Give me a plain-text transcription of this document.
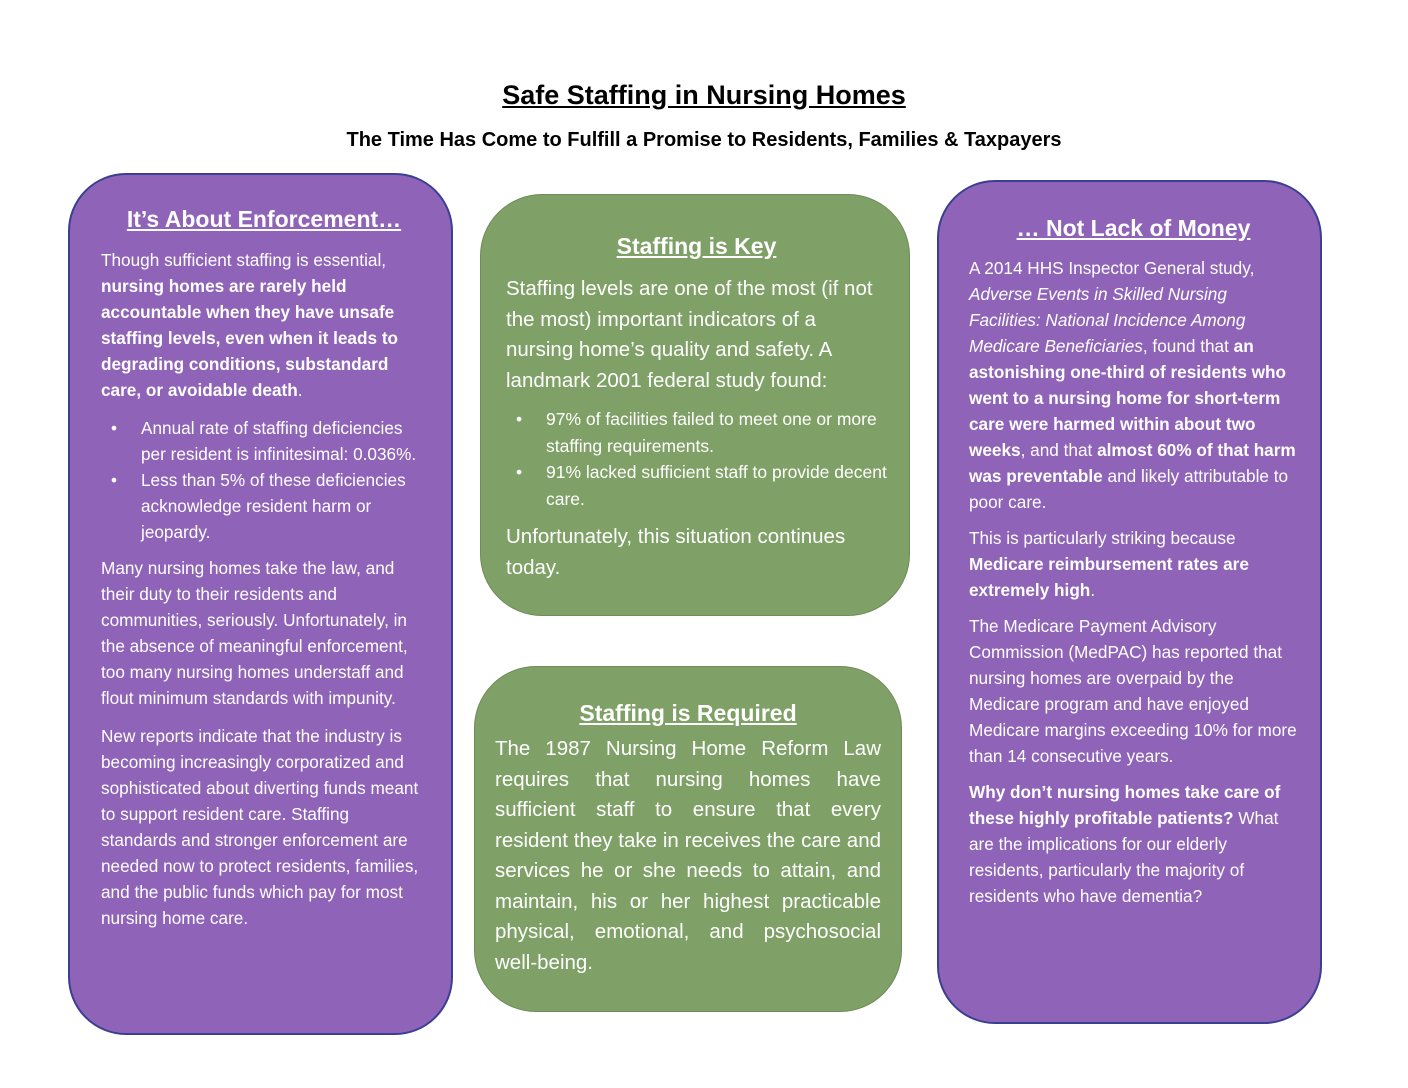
Safe Staffing in Nursing Homes
The Time Has Come to Fulfill a Promise to Residents, Families & Taxpayers
It’s About Enforcement…

Though sufficient staffing is essential, nursing homes are rarely held accountable when they have unsafe staffing levels, even when it leads to degrading conditions, substandard care, or avoidable death.

• Annual rate of staffing deficiencies per resident is infinitesimal: 0.036%.
• Less than 5% of these deficiencies acknowledge resident harm or jeopardy.

Many nursing homes take the law, and their duty to their residents and communities, seriously. Unfortunately, in the absence of meaningful enforcement, too many nursing homes understaff and flout minimum standards with impunity.

New reports indicate that the industry is becoming increasingly corporatized and sophisticated about diverting funds meant to support resident care. Staffing standards and stronger enforcement are needed now to protect residents, families, and the public funds which pay for most nursing home care.

Staffing is Key

Staffing levels are one of the most (if not the most) important indicators of a nursing home’s quality and safety. A landmark 2001 federal study found:

• 97% of facilities failed to meet one or more staffing requirements.
• 91% lacked sufficient staff to provide decent care.

Unfortunately, this situation continues today.

Staffing is Required

The 1987 Nursing Home Reform Law requires that nursing homes have sufficient staff to ensure that every resident they take in receives the care and services he or she needs to attain, and maintain, his or her highest practicable physical, emotional, and psychosocial well-being.

… Not Lack of Money

A 2014 HHS Inspector General study, Adverse Events in Skilled Nursing Facilities: National Incidence Among Medicare Beneficiaries, found that an astonishing one-third of residents who went to a nursing home for short-term care were harmed within about two weeks, and that almost 60% of that harm was preventable and likely attributable to poor care.

This is particularly striking because Medicare reimbursement rates are extremely high.

The Medicare Payment Advisory Commission (MedPAC) has reported that nursing homes are overpaid by the Medicare program and have enjoyed Medicare margins exceeding 10% for more than 14 consecutive years.

Why don’t nursing homes take care of these highly profitable patients? What are the implications for our elderly residents, particularly the majority of residents who have dementia?
